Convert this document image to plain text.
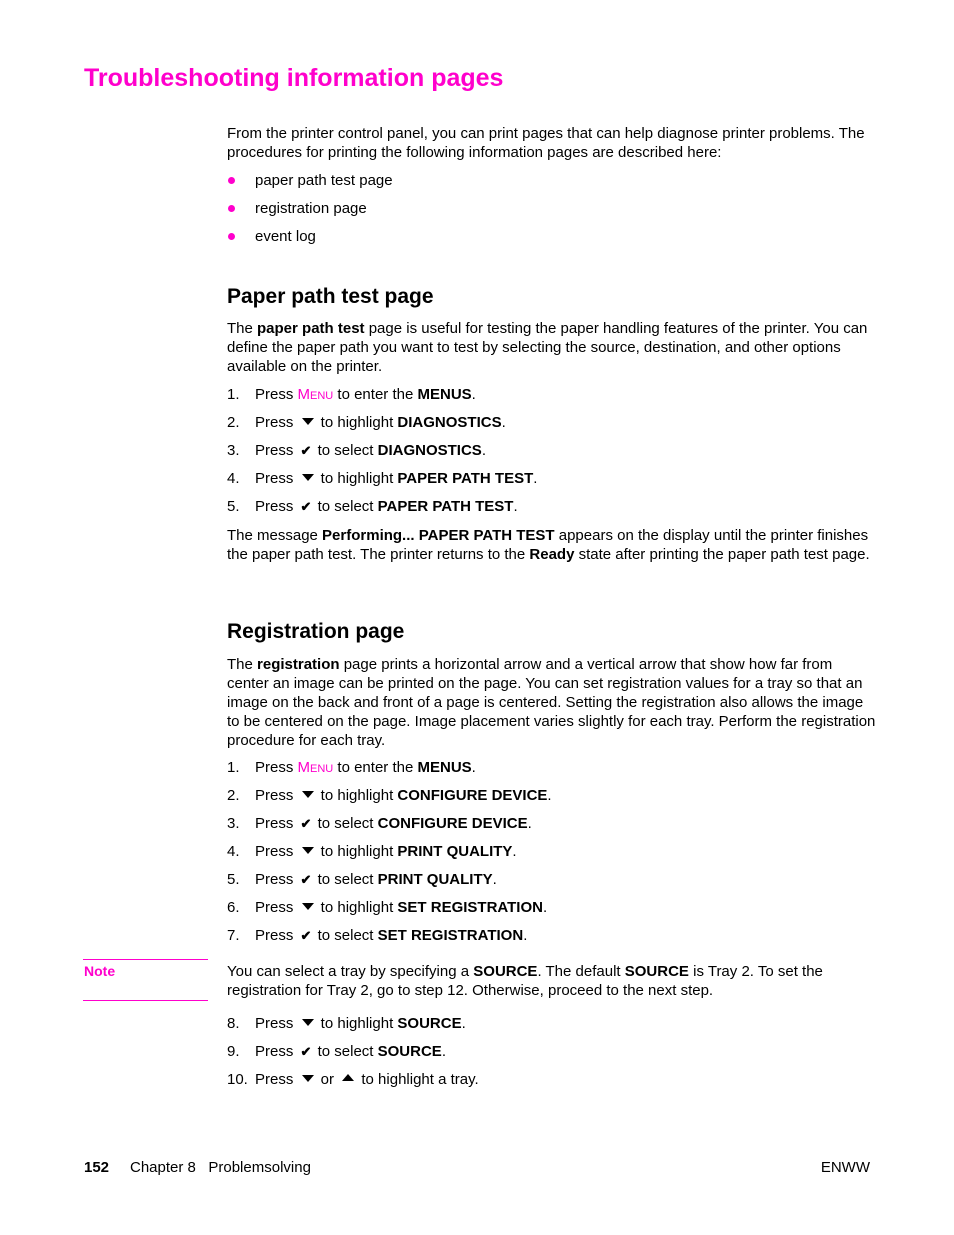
Troubleshooting information pages

From the printer control panel, you can print pages that can help diagnose printer problems. The procedures for printing the following information pages are described here:

paper path test page
registration page
event log
Paper path test page

The paper path test page is useful for testing the paper handling features of the printer. You can define the paper path you want to test by selecting the source, destination, and other options available on the printer.

1. Press Menu to enter the MENUS.
2. Press  to highlight DIAGNOSTICS.
3. Press ✔ to select DIAGNOSTICS.
4. Press  to highlight PAPER PATH TEST.
5. Press ✔ to select PAPER PATH TEST.

The message Performing... PAPER PATH TEST appears on the display until the printer finishes the paper path test. The printer returns to the Ready state after printing the paper path test page.

Registration page

The registration page prints a horizontal arrow and a vertical arrow that show how far from center an image can be printed on the page. You can set registration values for a tray so that an image on the back and front of a page is centered. Setting the registration also allows the image to be centered on the page. Image placement varies slightly for each tray. Perform the registration procedure for each tray.

1. Press Menu to enter the MENUS.
2. Press  to highlight CONFIGURE DEVICE.
3. Press ✔ to select CONFIGURE DEVICE.
4. Press  to highlight PRINT QUALITY.
5. Press ✔ to select PRINT QUALITY.
6. Press  to highlight SET REGISTRATION.
7. Press ✔ to select SET REGISTRATION.
Note	You can select a tray by specifying a SOURCE. The default SOURCE is Tray 2. To set the registration for Tray 2, go to step 12. Otherwise, proceed to the next step.

8. Press  to highlight SOURCE.
9. Press ✔ to select SOURCE.
10. Press  or  to highlight a tray.
152 Chapter 8   Problemsolving	ENWW
